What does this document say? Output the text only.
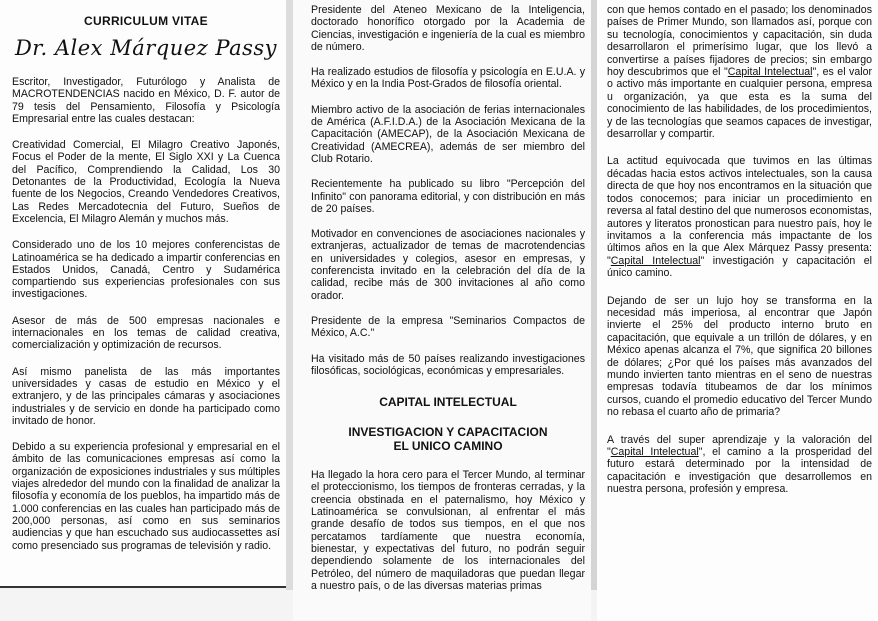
CURRICULUM VITAE
Dr. Alex Márquez Passy

Escritor, Investigador, Futurólogo y Analista de MACROTENDENCIAS nacido en México, D. F. autor de 79 tesis del Pensamiento, Filosofía y Psicología Empresarial entre las cuales destacan:

Creatividad Comercial, El Milagro Creativo Japonés, Focus el Poder de la mente, El Siglo XXI y La Cuenca del Pacífico, Comprendiendo la Calidad, Los 30 Detonantes de la Productividad, Ecología la Nueva fuente de los Negocios, Creando Vendedores Creativos, Las Redes Mercadotecnia del Futuro, Sueños de Excelencia, El Milagro Alemán y muchos más.

Considerado uno de los 10 mejores conferencistas de Latinoamérica se ha dedicado a impartir conferencias en Estados Unidos, Canadá, Centro y Sudamérica compartiendo sus experiencias profesionales con sus investigaciones.

Asesor de más de 500 empresas nacionales e internacionales en los temas de calidad creativa, comercialización y optimización de recursos.

Así mismo panelista de las más importantes universidades y casas de estudio en México y el extranjero, y de las principales cámaras y asociaciones industriales y de servicio en donde ha participado como invitado de honor.

Debido a su experiencia profesional y empresarial en el ámbito de las comunicaciones empresas así como la organización de exposiciones industriales y sus múltiples viajes alrededor del mundo con la finalidad de analizar la filosofía y economía de los pueblos, ha impartido más de 1.000 conferencias en las cuales han participado más de 200,000 personas, así como en sus seminarios audiencias y que han escuchado sus audiocassettes así como presenciado sus programas de televisión y radio.

Presidente del Ateneo Mexicano de la Inteligencia, doctorado honorífico otorgado por la Academia de Ciencias, investigación e ingeniería de la cual es miembro de número.

Ha realizado estudios de filosofía y psicología en E.U.A. y México y en la India Post-Grados de filosofía oriental.

Miembro activo de la asociación de ferias internacionales de América (A.F.I.D.A.) de la Asociación Mexicana de la Capacitación (AMECAP), de la Asociación Mexicana de Creatividad (AMECREA), además de ser miembro del Club Rotario.

Recientemente ha publicado su libro "Percepción del Infinito" con panorama editorial, y con distribución en más de 20 países.

Motivador en convenciones de asociaciones nacionales y extranjeras, actualizador de temas de macrotendencias en universidades y colegios, asesor en empresas, y conferencista invitado en la celebración del día de la calidad, recibe más de 300 invitaciones al año como orador.

Presidente de la empresa "Seminarios Compactos de México, A.C."

Ha visitado más de 50 países realizando investigaciones filosóficas, sociológicas, económicas y empresariales.

CAPITAL INTELECTUAL
INVESTIGACION Y CAPACITACION
EL UNICO CAMINO

Ha llegado la hora cero para el Tercer Mundo, al terminar el proteccionismo, los tiempos de fronteras cerradas, y la creencia obstinada en el paternalismo, hoy México y Latinoamérica se convulsionan, al enfrentar el más grande desafío de todos sus tiempos, en el que nos percatamos tardíamente que nuestra economía, bienestar, y expectativas del futuro, no podrán seguir dependiendo solamente de los internacionales del Petróleo, del número de maquiladoras que puedan llegar a nuestro país, o de las diversas materias primas

con que hemos contado en el pasado; los denominados países de Primer Mundo, son llamados así, porque con su tecnología, conocimientos y capacitación, sin duda desarrollaron el primerísimo lugar, que los llevó a convertirse a países fijadores de precios; sin embargo hoy descubrimos que el "Capital Intelectual", es el valor o activo más importante en cualquier persona, empresa u organización, ya que esta es la suma del conocimiento de las habilidades, de los procedimientos, y de las tecnologías que seamos capaces de investigar, desarrollar y compartir.

La actitud equivocada que tuvimos en las últimas décadas hacia estos activos intelectuales, son la causa directa de que hoy nos encontramos en la situación que todos conocemos; para iniciar un procedimiento en reversa al fatal destino del que numerosos economistas, autores y literatos pronostican para nuestro país, hoy le invitamos a la conferencia más impactante de los últimos años en la que Alex Márquez Passy presenta: "Capital Intelectual" investigación y capacitación el único camino.

Dejando de ser un lujo hoy se transforma en la necesidad más imperiosa, al encontrar que Japón invierte el 25% del producto interno bruto en capacitación, que equivale a un trillón de dólares, y en México apenas alcanza el 7%, que significa 20 billones de dólares; ¿Por qué los países más avanzados del mundo invierten tanto mientras en el seno de nuestras empresas todavía titubeamos de dar los mínimos cursos, cuando el promedio educativo del Tercer Mundo no rebasa el cuarto año de primaria?

A través del super aprendizaje y la valoración del "Capital Intelectual", el camino a la prosperidad del futuro estará determinado por la intensidad de capacitación e investigación que desarrollemos en nuestra persona, profesión y empresa.
